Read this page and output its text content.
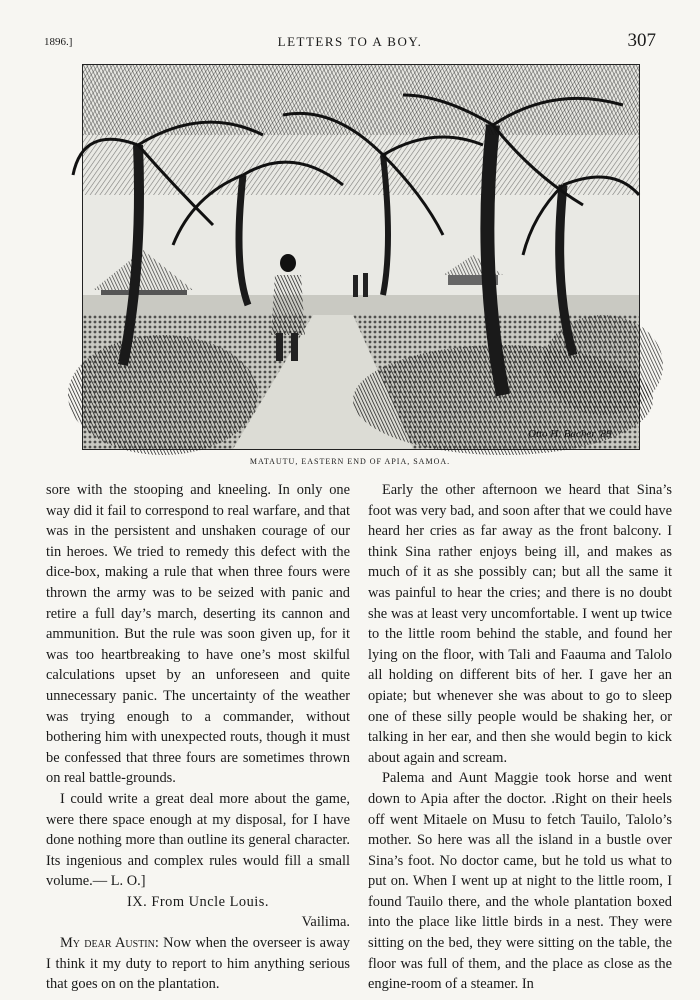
1896.]	LETTERS TO A BOY.	307
Otto H. Bacher '89
MATAUTU, EASTERN END OF APIA, SAMOA.

sore with the stooping and kneeling. In only one way did it fail to correspond to real warfare, and that was in the persistent and unshaken courage of our tin heroes. We tried to remedy this defect with the dice-box, making a rule that when three fours were thrown the army was to be seized with panic and retire a full day’s march, deserting its cannon and ammunition. But the rule was soon given up, for it was too heartbreaking to have one’s most skilful calculations upset by an unforeseen and quite unnecessary panic. The uncertainty of the weather was trying enough to a commander, without bothering him with unexpected routs, though it must be confessed that three fours are sometimes thrown on real battle-grounds.

I could write a great deal more about the game, were there space enough at my disposal, for I have done nothing more than outline its general character. Its ingenious and complex rules would fill a small volume.— L. O.]

IX. From Uncle Louis.

Vailima.

My dear Austin: Now when the overseer is away I think it my duty to report to him anything serious that goes on on the plantation.

Early the other afternoon we heard that Sina’s foot was very bad, and soon after that we could have heard her cries as far away as the front balcony. I think Sina rather enjoys being ill, and makes as much of it as she possibly can; but all the same it was painful to hear the cries; and there is no doubt she was at least very uncomfortable. I went up twice to the little room behind the stable, and found her lying on the floor, with Tali and Faauma and Talolo all holding on different bits of her. I gave her an opiate; but whenever she was about to go to sleep one of these silly people would be shaking her, or talking in her ear, and then she would begin to kick about again and scream.

Palema and Aunt Maggie took horse and went down to Apia after the doctor. .Right on their heels off went Mitaele on Musu to fetch Tauilo, Talolo’s mother. So here was all the island in a bustle over Sina’s foot. No doctor came, but he told us what to put on. When I went up at night to the little room, I found Tauilo there, and the whole plantation boxed into the place like little birds in a nest. They were sitting on the bed, they were sitting on the table, the floor was full of them, and the place as close as the engine-room of a steamer. In
